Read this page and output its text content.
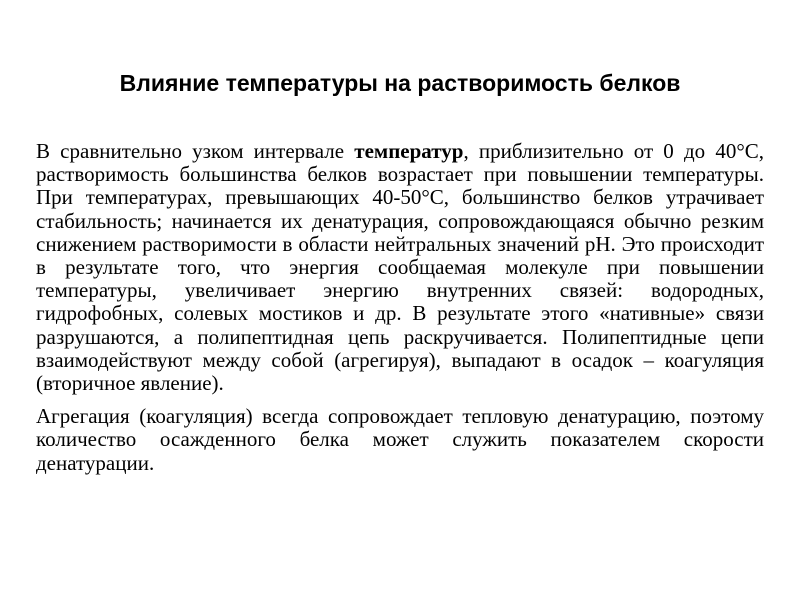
Влияние температуры на растворимость белков

В сравнительно узком интервале температур, приблизительно от 0 до 40°С, растворимость большинства белков возрастает при повышении температуры. При температурах, превышающих 40-50°С, большинство белков утрачивает стабильность; начинается их денатурация, сопровождающаяся обычно резким снижением растворимости в области нейтральных значений рН. Это происходит в результате того, что энергия сообщаемая молекуле при повышении температуры, увеличивает энергию внутренних связей: водородных, гидрофобных, солевых мостиков и др. В результате этого «нативные» связи разрушаются, а полипептидная цепь раскручивается. Полипептидные цепи взаимодействуют между собой (агрегируя), выпадают в осадок – коагуляция (вторичное явление).

Агрегация (коагуляция) всегда сопровождает тепловую денатурацию, поэтому количество осажденного белка может служить показателем скорости денатурации.
